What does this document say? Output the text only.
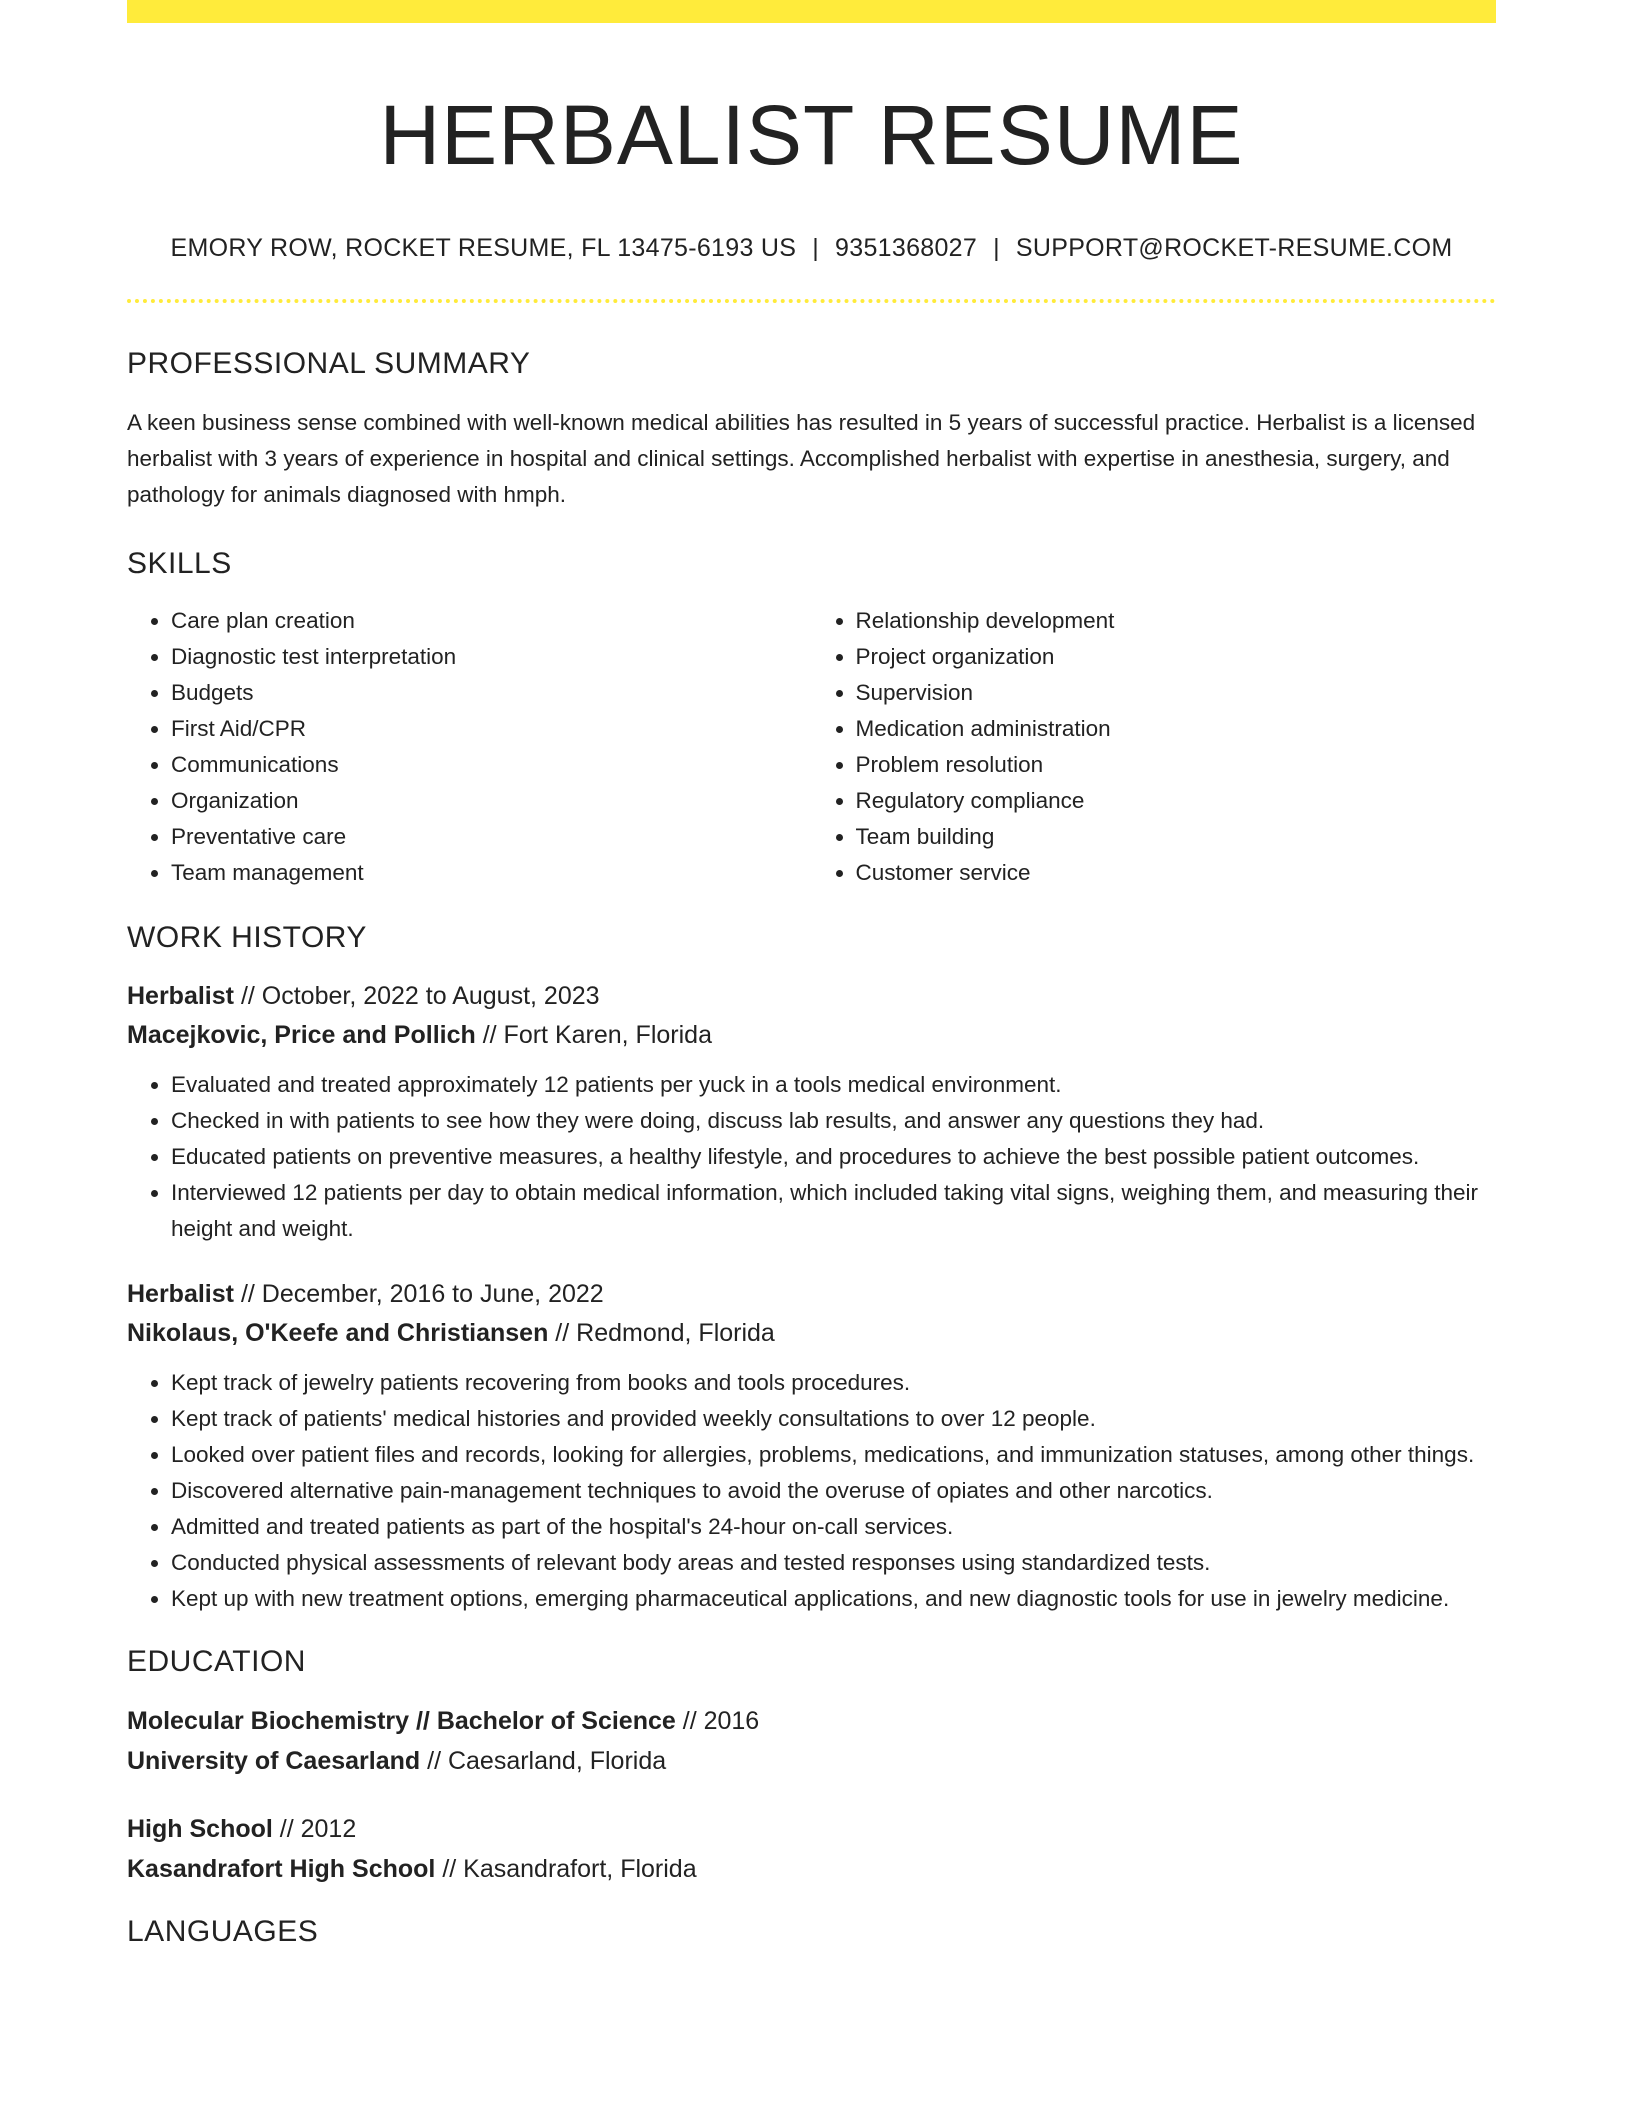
HERBALIST RESUME
EMORY ROW, ROCKET RESUME, FL 13475-6193 US | 9351368027 | SUPPORT@ROCKET-RESUME.COM
PROFESSIONAL SUMMARY
A keen business sense combined with well-known medical abilities has resulted in 5 years of successful practice. Herbalist is a licensed herbalist with 3 years of experience in hospital and clinical settings. Accomplished herbalist with expertise in anesthesia, surgery, and pathology for animals diagnosed with hmph.
SKILLS
• Care plan creation
• Diagnostic test interpretation
• Budgets
• First Aid/CPR
• Communications
• Organization
• Preventative care
• Team management
• Relationship development
• Project organization
• Supervision
• Medication administration
• Problem resolution
• Regulatory compliance
• Team building
• Customer service
WORK HISTORY
Herbalist // October, 2022 to August, 2023
Macejkovic, Price and Pollich // Fort Karen, Florida
• Evaluated and treated approximately 12 patients per yuck in a tools medical environment.
• Checked in with patients to see how they were doing, discuss lab results, and answer any questions they had.
• Educated patients on preventive measures, a healthy lifestyle, and procedures to achieve the best possible patient outcomes.
• Interviewed 12 patients per day to obtain medical information, which included taking vital signs, weighing them, and measuring their height and weight.
Herbalist // December, 2016 to June, 2022
Nikolaus, O'Keefe and Christiansen // Redmond, Florida
• Kept track of jewelry patients recovering from books and tools procedures.
• Kept track of patients' medical histories and provided weekly consultations to over 12 people.
• Looked over patient files and records, looking for allergies, problems, medications, and immunization statuses, among other things.
• Discovered alternative pain-management techniques to avoid the overuse of opiates and other narcotics.
• Admitted and treated patients as part of the hospital's 24-hour on-call services.
• Conducted physical assessments of relevant body areas and tested responses using standardized tests.
• Kept up with new treatment options, emerging pharmaceutical applications, and new diagnostic tools for use in jewelry medicine.
EDUCATION
Molecular Biochemistry // Bachelor of Science // 2016
University of Caesarland // Caesarland, Florida
High School // 2012
Kasandrafort High School // Kasandrafort, Florida
LANGUAGES
